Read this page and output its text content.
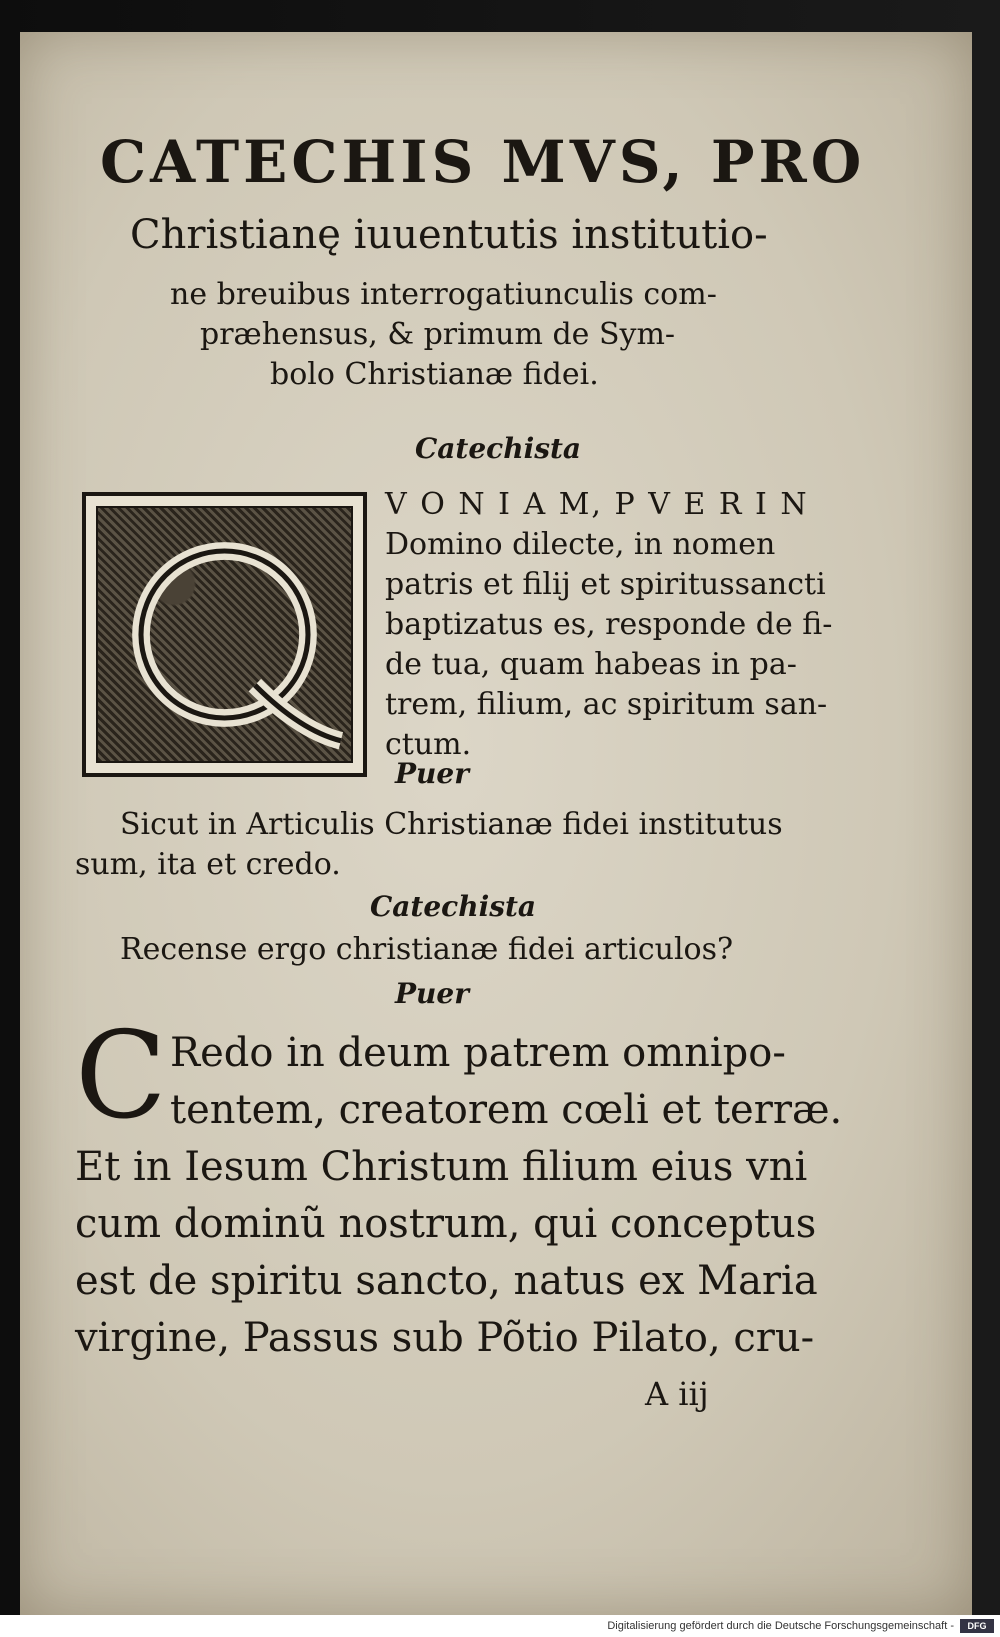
CATECHIS MVS, PRO
Christianę iuuentutis institutio-
ne breuibus interrogatiunculis com-
præhensus, & primum de Sym-
bolo Christianæ fidei.
Catechista
V O N I A M, P V E R I N
Domino dilecte, in nomen
patris et filij et spiritussancti
baptizatus es, responde de fi-
de tua, quam habeas in pa-
trem, filium, ac spiritum san-
ctum.
Puer
Sicut in Articulis Christianæ fidei institutus
sum, ita et credo.
Catechista
Recense ergo christianæ fidei articulos?
Puer
C Redo in deum patrem omnipo-
tentem, creatorem cœli et terræ.
Et in Iesum Christum filium eius vni
cum dominũ nostrum, qui conceptus
est de spiritu sancto, natus ex Maria
virgine, Passus sub Põtio Pilato, cru-
A iij
Digitalisierung gefördert durch die Deutsche Forschungsgemeinschaft -	DFG
